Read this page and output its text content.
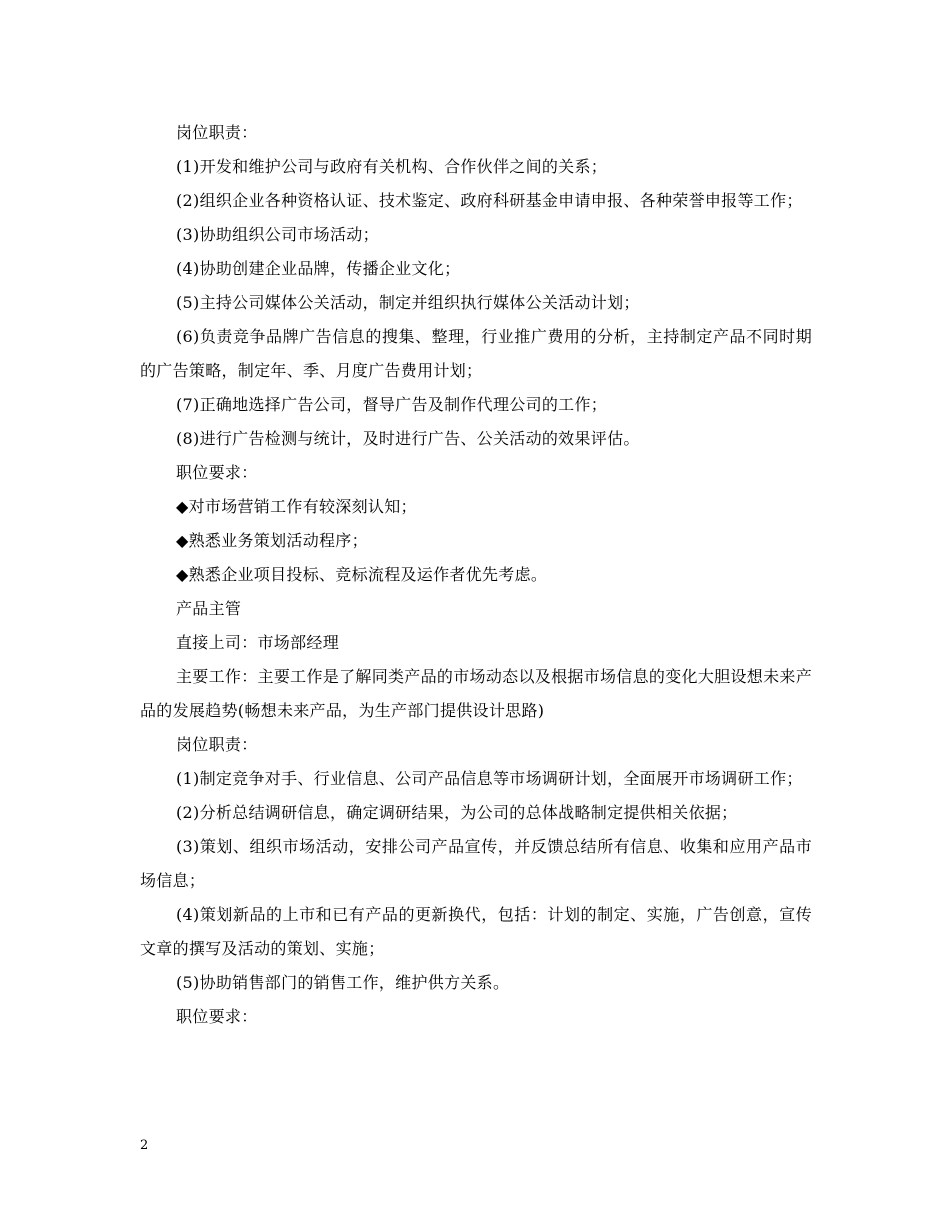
岗位职责：

(1)开发和维护公司与政府有关机构、合作伙伴之间的关系；

(2)组织企业各种资格认证、技术鉴定、政府科研基金申请申报、各种荣誉申报等工作；

(3)协助组织公司市场活动；

(4)协助创建企业品牌，传播企业文化；

(5)主持公司媒体公关活动，制定并组织执行媒体公关活动计划；

(6)负责竞争品牌广告信息的搜集、整理，行业推广费用的分析，主持制定产品不同时期的广告策略，制定年、季、月度广告费用计划；

(7)正确地选择广告公司，督导广告及制作代理公司的工作；

(8)进行广告检测与统计，及时进行广告、公关活动的效果评估。

职位要求：

◆对市场营销工作有较深刻认知；

◆熟悉业务策划活动程序；

◆熟悉企业项目投标、竞标流程及运作者优先考虑。

产品主管

直接上司：市场部经理

主要工作：主要工作是了解同类产品的市场动态以及根据市场信息的变化大胆设想未来产品的发展趋势(畅想未来产品，为生产部门提供设计思路)

岗位职责：

(1)制定竞争对手、行业信息、公司产品信息等市场调研计划，全面展开市场调研工作；

(2)分析总结调研信息，确定调研结果，为公司的总体战略制定提供相关依据；

(3)策划、组织市场活动，安排公司产品宣传，并反馈总结所有信息、收集和应用产品市场信息；

(4)策划新品的上市和已有产品的更新换代，包括：计划的制定、实施，广告创意，宣传文章的撰写及活动的策划、实施；

(5)协助销售部门的销售工作，维护供方关系。

职位要求：

2
